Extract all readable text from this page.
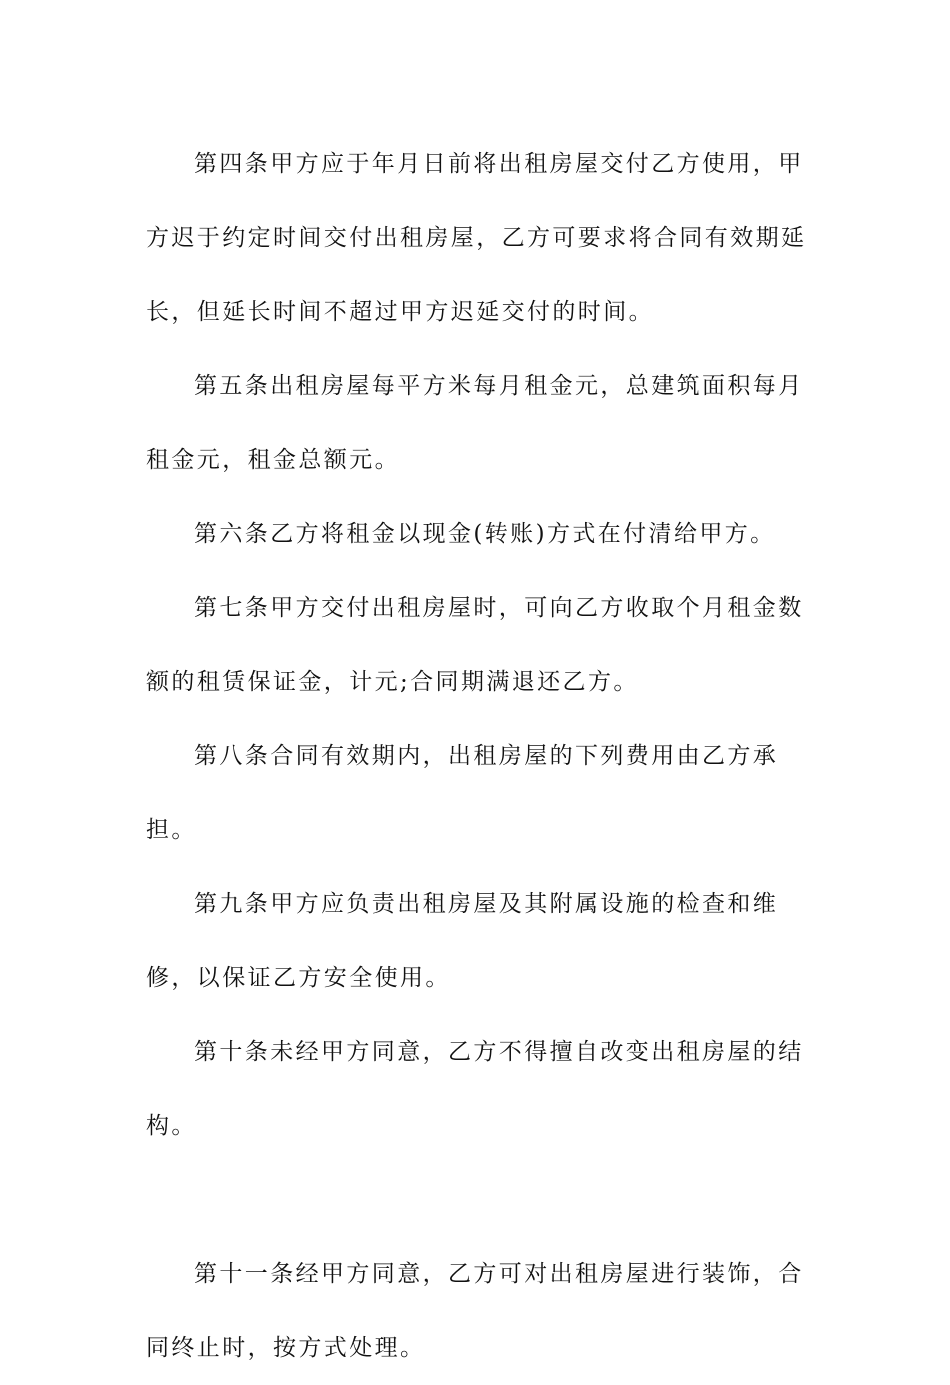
第四条甲方应于年月日前将出租房屋交付乙方使用，甲方迟于约定时间交付出租房屋，乙方可要求将合同有效期延长，但延长时间不超过甲方迟延交付的时间。

第五条出租房屋每平方米每月租金元，总建筑面积每月租金元，租金总额元。

第六条乙方将租金以现金(转账)方式在付清给甲方。

第七条甲方交付出租房屋时，可向乙方收取个月租金数额的租赁保证金，计元;合同期满退还乙方。

第八条合同有效期内，出租房屋的下列费用由乙方承担。

第九条甲方应负责出租房屋及其附属设施的检查和维修，以保证乙方安全使用。

第十条未经甲方同意，乙方不得擅自改变出租房屋的结构。

第十一条经甲方同意，乙方可对出租房屋进行装饰，合同终止时，按方式处理。
